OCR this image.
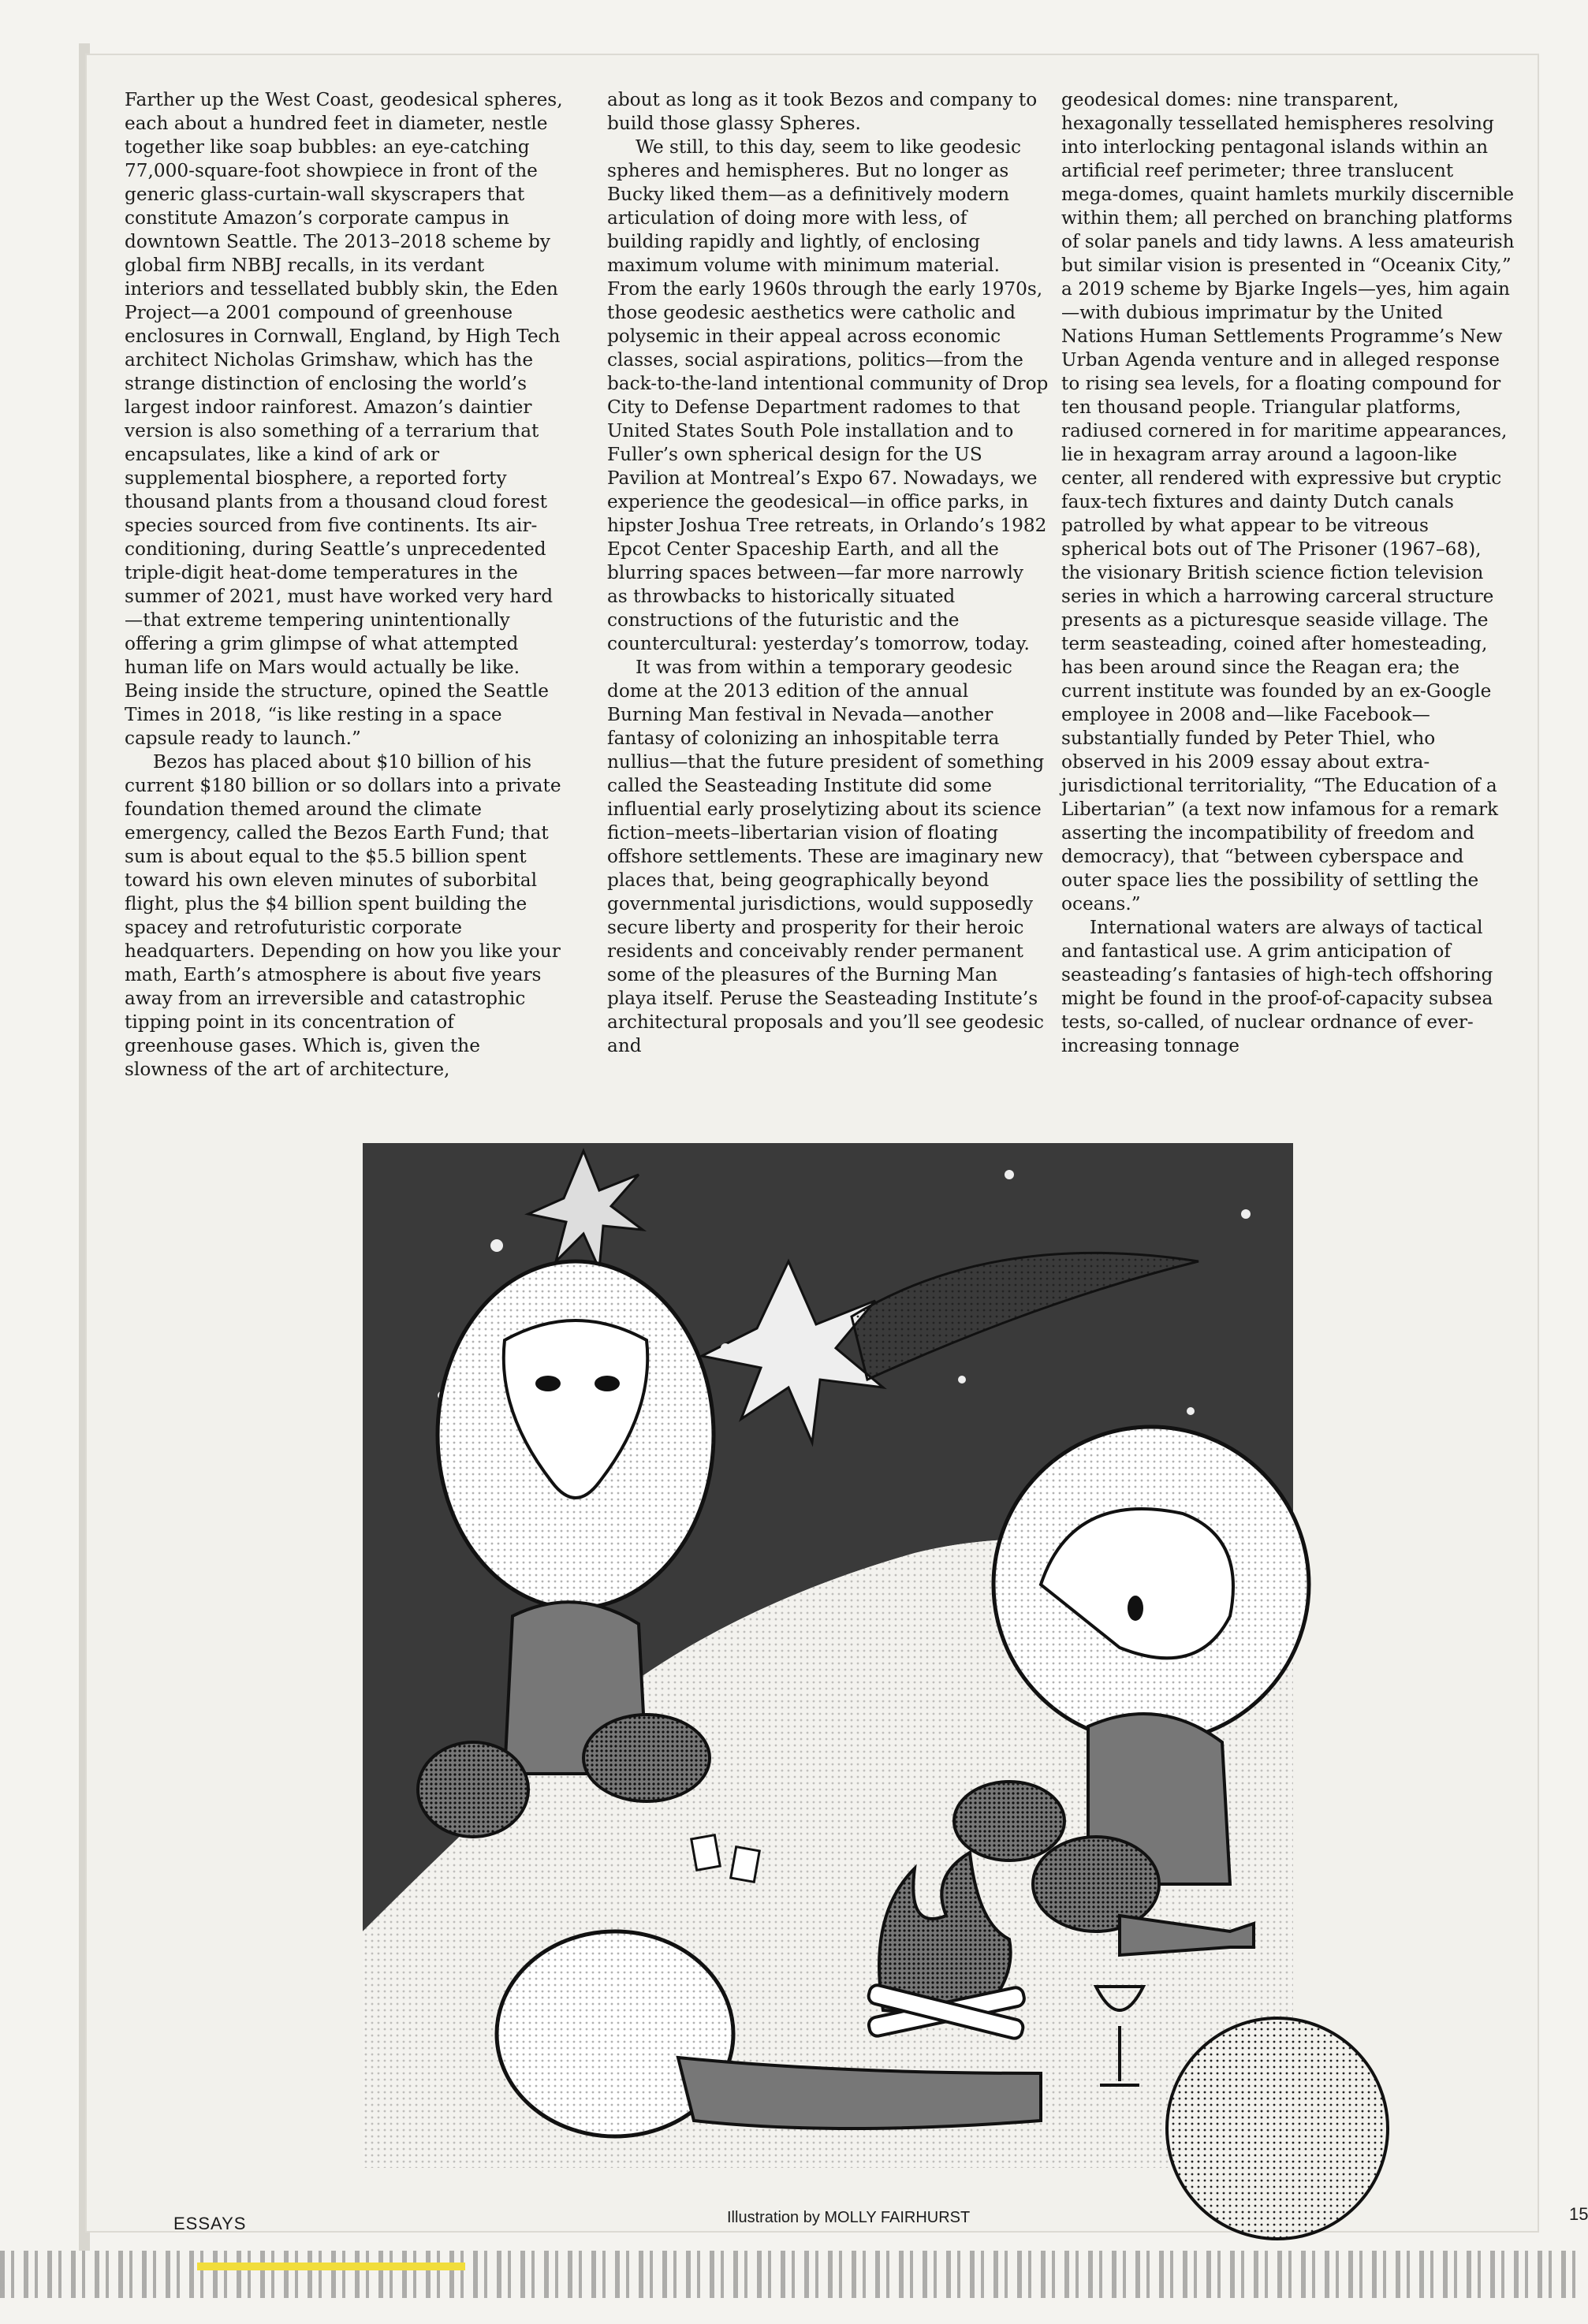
Farther up the West Coast, geodesical spheres, each about a hundred feet in diameter, nestle together like soap bubbles: an eye-catching 77,000-square-foot showpiece in front of the generic glass-curtain-wall skyscrapers that constitute Amazon’s corporate campus in downtown Seattle. The 2013–2018 scheme by global firm NBBJ recalls, in its verdant interiors and tessellated bubbly skin, the Eden Project—a 2001 compound of greenhouse enclosures in Cornwall, England, by High Tech architect Nicholas Grimshaw, which has the strange distinction of enclosing the world’s largest indoor rainforest. Amazon’s daintier version is also something of a terrarium that encapsulates, like a kind of ark or supplemental biosphere, a reported forty thousand plants from a thousand cloud forest species sourced from five continents. Its air-conditioning, during Seattle’s unprecedented triple-digit heat-dome temperatures in the summer of 2021, must have worked very hard—that extreme tempering unintentionally offering a grim glimpse of what attempted human life on Mars would actually be like. Being inside the structure, opined the Seattle Times in 2018, “is like resting in a space capsule ready to launch.”

Bezos has placed about $10 billion of his current $180 billion or so dollars into a private foundation themed around the climate emergency, called the Bezos Earth Fund; that sum is about equal to the $5.5 billion spent toward his own eleven minutes of suborbital flight, plus the $4 billion spent building the spacey and retrofuturistic corporate headquarters. Depending on how you like your math, Earth’s atmosphere is about five years away from an irreversible and catastrophic tipping point in its concentration of greenhouse gases. Which is, given the slowness of the art of architecture,

about as long as it took Bezos and company to build those glassy Spheres.

We still, to this day, seem to like geodesic spheres and hemispheres. But no longer as Bucky liked them—as a definitively modern articulation of doing more with less, of building rapidly and lightly, of enclosing maximum volume with minimum material. From the early 1960s through the early 1970s, those geodesic aesthetics were catholic and polysemic in their appeal across economic classes, social aspirations, politics—from the back-to-the-land intentional community of Drop City to Defense Department radomes to that United States South Pole installation and to Fuller’s own spherical design for the US Pavilion at Montreal’s Expo 67. Nowadays, we experience the geodesical—in office parks, in hipster Joshua Tree retreats, in Orlando’s 1982 Epcot Center Spaceship Earth, and all the blurring spaces between—far more narrowly as throwbacks to historically situated constructions of the futuristic and the countercultural: yesterday’s tomorrow, today.

It was from within a temporary geodesic dome at the 2013 edition of the annual Burning Man festival in Nevada—another fantasy of colonizing an inhospitable terra nullius—that the future president of something called the Seasteading Institute did some influential early proselytizing about its science fiction–meets–libertarian vision of floating offshore settlements. These are imaginary new places that, being geographically beyond governmental jurisdictions, would supposedly secure liberty and prosperity for their heroic residents and conceivably render permanent some of the pleasures of the Burning Man playa itself. Peruse the Seasteading Institute’s architectural proposals and you’ll see geodesic and

geodesical domes: nine transparent, hexagonally tessellated hemispheres resolving into interlocking pentagonal islands within an artificial reef perimeter; three translucent mega-domes, quaint hamlets murkily discernible within them; all perched on branching platforms of solar panels and tidy lawns. A less amateurish but similar vision is presented in “Oceanix City,” a 2019 scheme by Bjarke Ingels—yes, him again—with dubious imprimatur by the United Nations Human Settlements Programme’s New Urban Agenda venture and in alleged response to rising sea levels, for a floating compound for ten thousand people. Triangular platforms, radiused cornered in for maritime appearances, lie in hexagram array around a lagoon-like center, all rendered with expressive but cryptic faux-tech fixtures and dainty Dutch canals patrolled by what appear to be vitreous spherical bots out of The Prisoner (1967–68), the visionary British science fiction television series in which a harrowing carceral structure presents as a picturesque seaside village. The term seasteading, coined after homesteading, has been around since the Reagan era; the current institute was founded by an ex-Google employee in 2008 and—like Facebook—substantially funded by Peter Thiel, who observed in his 2009 essay about extra-jurisdictional territoriality, “The Education of a Libertarian” (a text now infamous for a remark asserting the incompatibility of freedom and democracy), that “between cyberspace and outer space lies the possibility of settling the oceans.”

International waters are always of tactical and fantastical use. A grim anticipation of seasteading’s fantasies of high-tech offshoring might be found in the proof-of-capacity subsea tests, so-called, of nuclear ordnance of ever-increasing tonnage

ESSAYS	Illustration by MOLLY FAIRHURST	15
